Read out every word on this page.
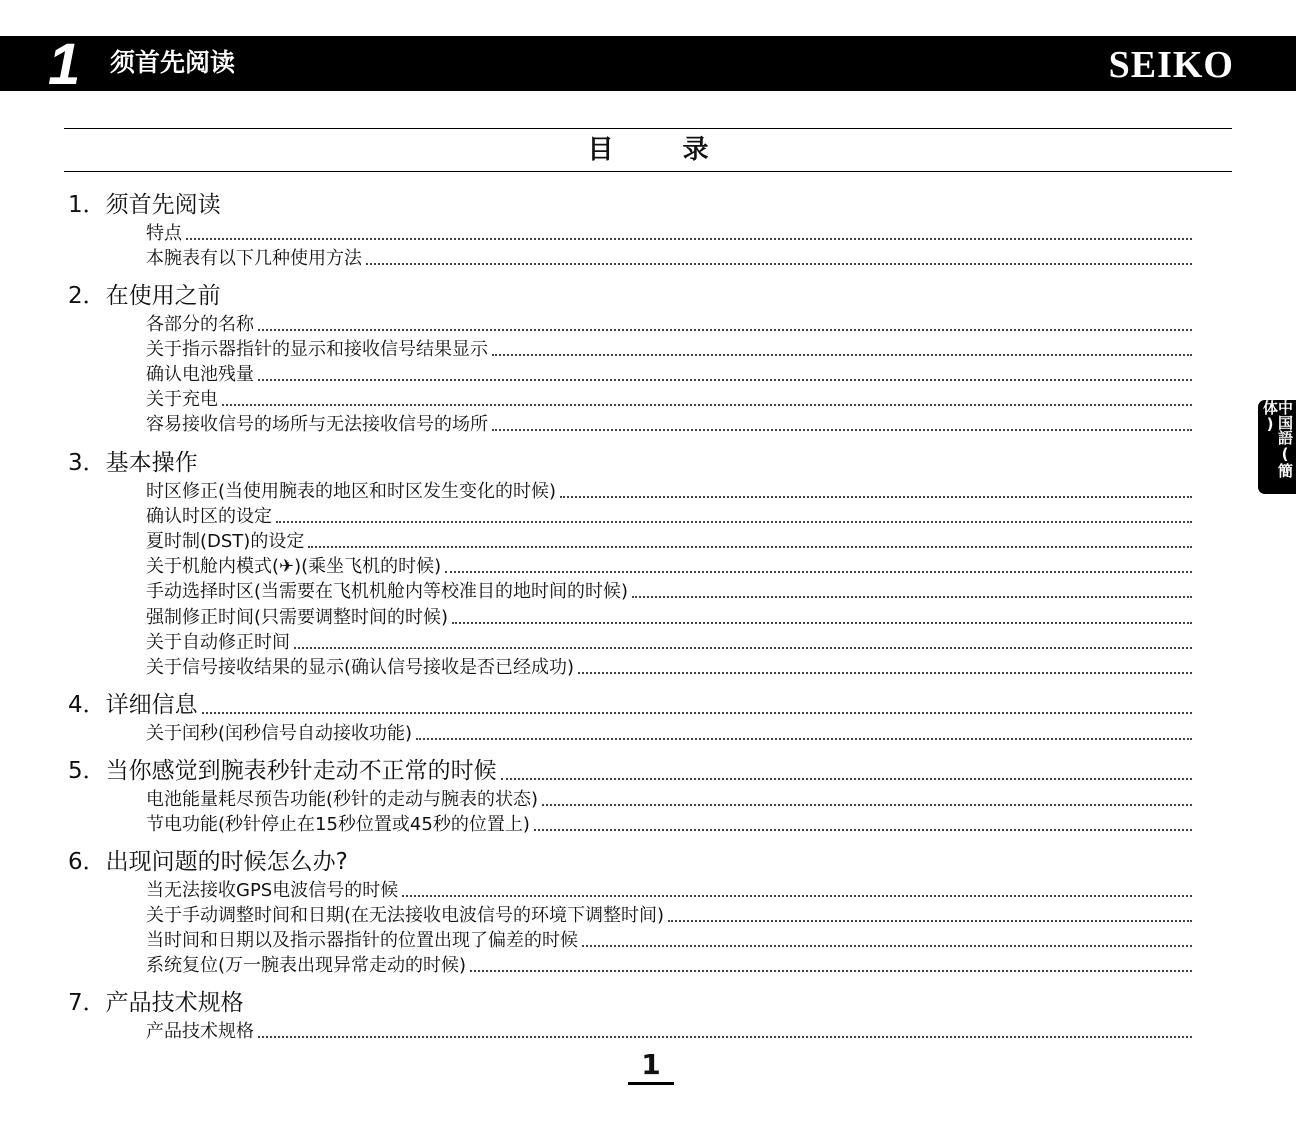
1 须首先阅读	SEIKO
目 录
中国語(簡体)
1．须首先阅读
特点
本腕表有以下几种使用方法
2．在使用之前
各部分的名称
关于指示器指针的显示和接收信号结果显示
确认电池残量
关于充电
容易接收信号的场所与无法接收信号的场所
3．基本操作
时区修正(当使用腕表的地区和时区发生变化的时候)
确认时区的设定
夏时制(DST)的设定
关于机舱内模式(✈)(乘坐飞机的时候)
手动选择时区(当需要在飞机机舱内等校准目的地时间的时候)
强制修正时间(只需要调整时间的时候)
关于自动修正时间
关于信号接收结果的显示(确认信号接收是否已经成功)
4．详细信息
关于闰秒(闰秒信号自动接收功能)
5．当你感觉到腕表秒针走动不正常的时候
电池能量耗尽预告功能(秒针的走动与腕表的状态)
节电功能(秒针停止在15秒位置或45秒的位置上)
6．出现问题的时候怎么办?
当无法接收GPS电波信号的时候
关于手动调整时间和日期(在无法接收电波信号的环境下调整时间)
当时间和日期以及指示器指针的位置出现了偏差的时候
系统复位(万一腕表出现异常走动的时候)
7．产品技术规格
产品技术规格
1
